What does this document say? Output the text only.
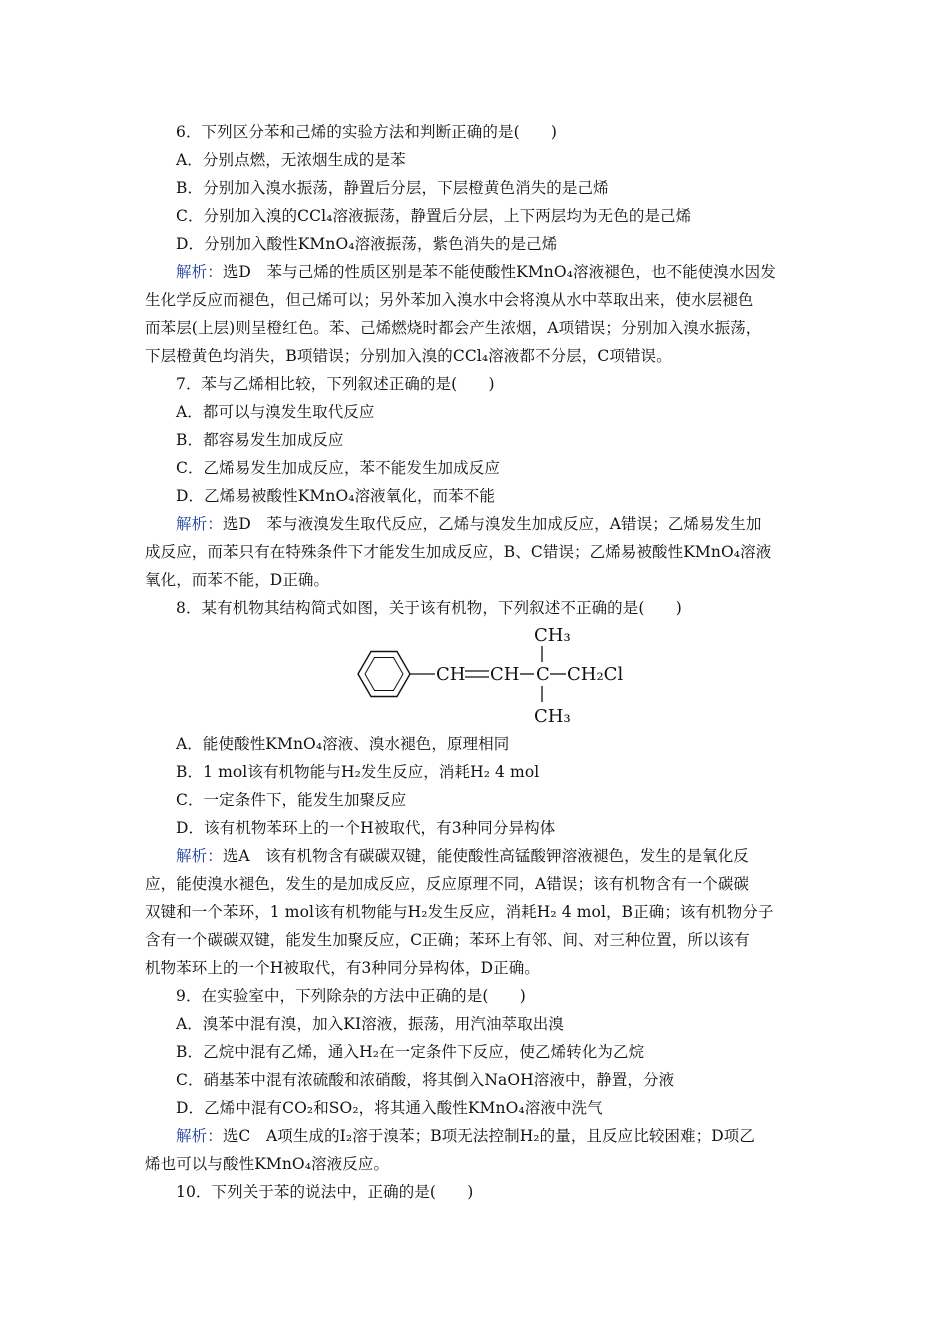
6．下列区分苯和己烯的实验方法和判断正确的是(　　)
A．分别点燃，无浓烟生成的是苯
B．分别加入溴水振荡，静置后分层，下层橙黄色消失的是己烯
C．分别加入溴的CCl₄溶液振荡，静置后分层，上下两层均为无色的是己烯
D．分别加入酸性KMnO₄溶液振荡，紫色消失的是己烯
解析：选D　苯与己烯的性质区别是苯不能使酸性KMnO₄溶液褪色，也不能使溴水因发
生化学反应而褪色，但己烯可以；另外苯加入溴水中会将溴从水中萃取出来，使水层褪色
而苯层(上层)则呈橙红色。苯、己烯燃烧时都会产生浓烟，A项错误；分别加入溴水振荡，
下层橙黄色均消失，B项错误；分别加入溴的CCl₄溶液都不分层，C项错误。
7．苯与乙烯相比较，下列叙述正确的是(　　)
A．都可以与溴发生取代反应
B．都容易发生加成反应
C．乙烯易发生加成反应，苯不能发生加成反应
D．乙烯易被酸性KMnO₄溶液氧化，而苯不能
解析：选D　苯与液溴发生取代反应，乙烯与溴发生加成反应，A错误；乙烯易发生加
成反应，而苯只有在特殊条件下才能发生加成反应，B、C错误；乙烯易被酸性KMnO₄溶液
氧化，而苯不能，D正确。
8．某有机物其结构简式如图，关于该有机物，下列叙述不正确的是(　　)
CH CH C CH₂Cl
CH₃
CH₃
A．能使酸性KMnO₄溶液、溴水褪色，原理相同
B．1 mol该有机物能与H₂发生反应，消耗H₂ 4 mol
C．一定条件下，能发生加聚反应
D．该有机物苯环上的一个H被取代，有3种同分异构体
解析：选A　该有机物含有碳碳双键，能使酸性高锰酸钾溶液褪色，发生的是氧化反
应，能使溴水褪色，发生的是加成反应，反应原理不同，A错误；该有机物含有一个碳碳
双键和一个苯环，1 mol该有机物能与H₂发生反应，消耗H₂ 4 mol，B正确；该有机物分子
含有一个碳碳双键，能发生加聚反应，C正确；苯环上有邻、间、对三种位置，所以该有
机物苯环上的一个H被取代，有3种同分异构体，D正确。
9．在实验室中，下列除杂的方法中正确的是(　　)
A．溴苯中混有溴，加入KI溶液，振荡，用汽油萃取出溴
B．乙烷中混有乙烯，通入H₂在一定条件下反应，使乙烯转化为乙烷
C．硝基苯中混有浓硫酸和浓硝酸，将其倒入NaOH溶液中，静置，分液
D．乙烯中混有CO₂和SO₂，将其通入酸性KMnO₄溶液中洗气
解析：选C　A项生成的I₂溶于溴苯；B项无法控制H₂的量，且反应比较困难；D项乙
烯也可以与酸性KMnO₄溶液反应。
10．下列关于苯的说法中，正确的是(　　)
